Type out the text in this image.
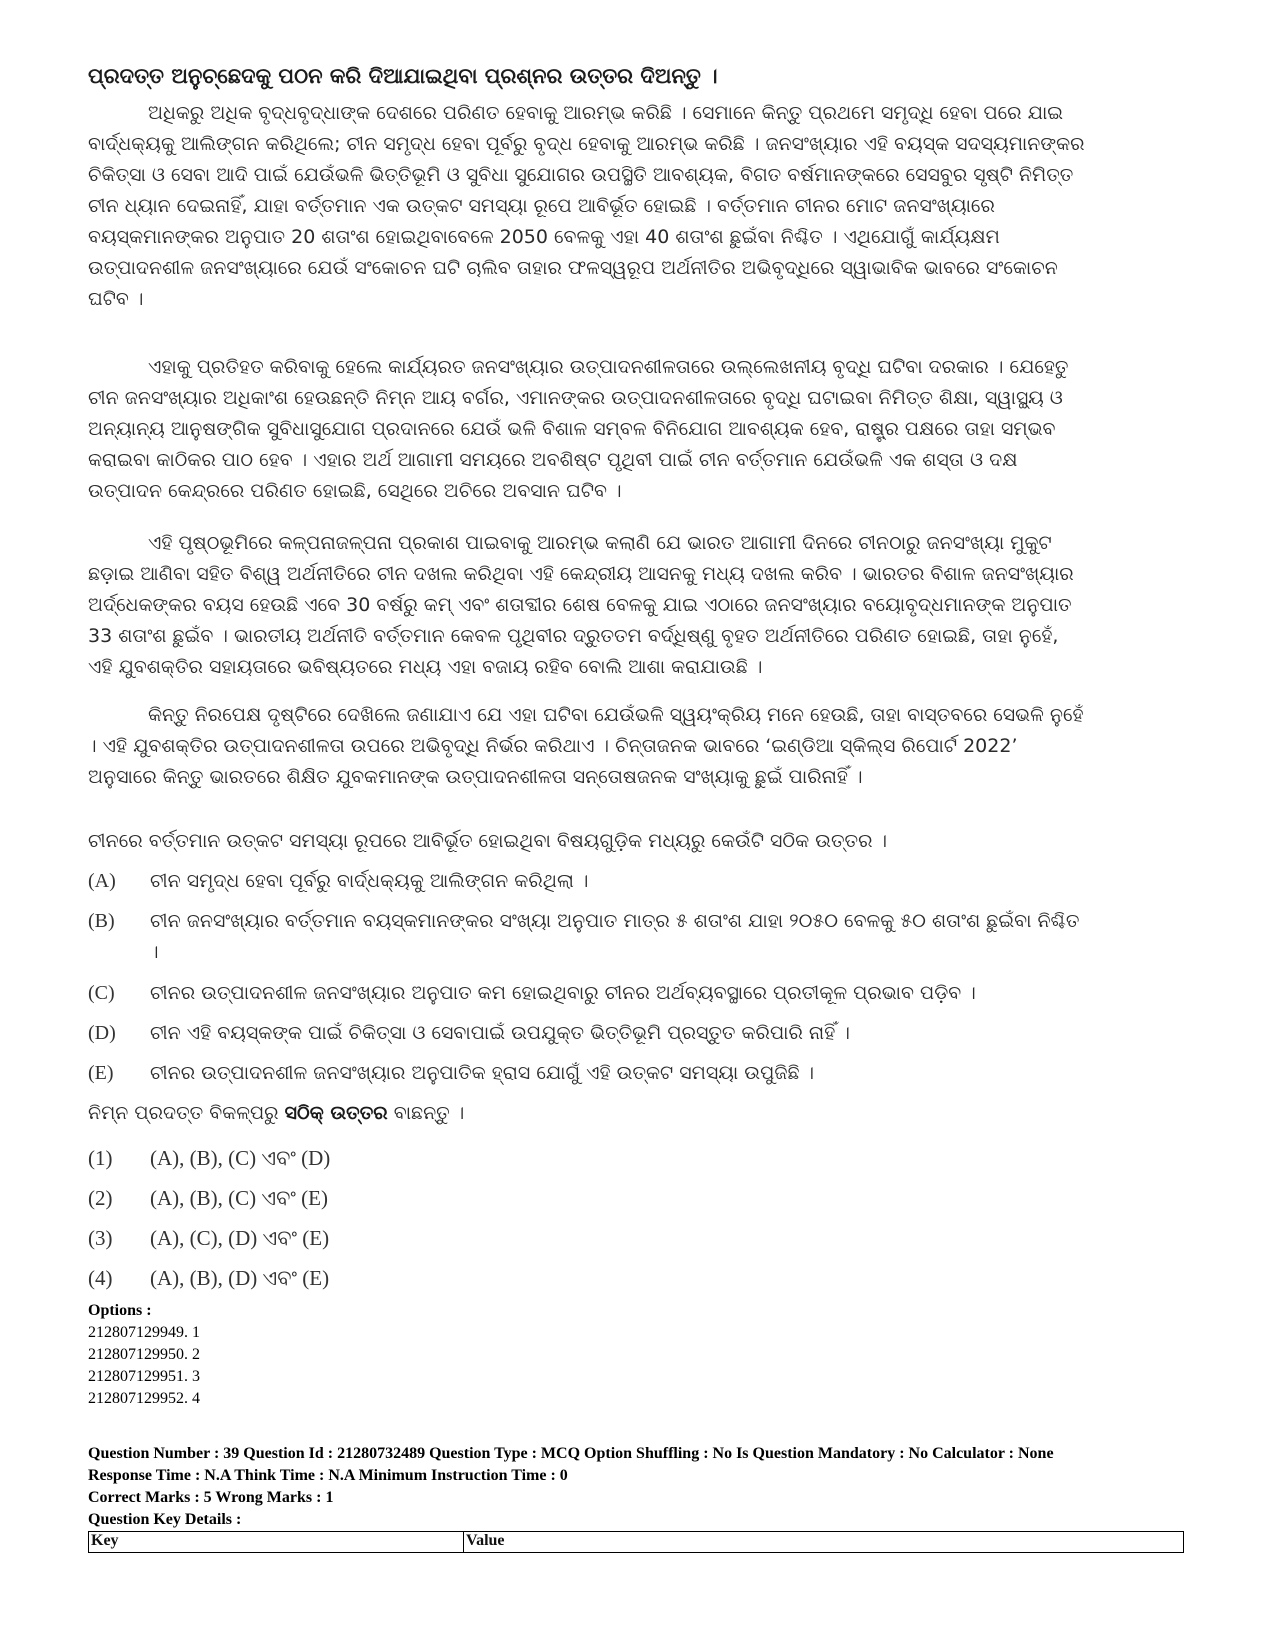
ପ୍ରଦତ୍ତ ଅନୁଚ୍ଛେଦକୁ ପଠନ କରି ଦିଆଯାଇଥିବା ପ୍ରଶ୍ନର ଉତ୍ତର ଦିଅନ୍ତୁ ।

ଅଧିକରୁ ଅଧିକ ବୃଦ୍ଧବୃଦ୍ଧାଙ୍କ ଦେଶରେ ପରିଣତ ହେବାକୁ ଆରମ୍ଭ କରିଛି । ସେମାନେ କିନ୍ତୁ ପ୍ରଥମେ ସମୃଦ୍ଧି ହେବା ପରେ ଯାଇ ବାର୍ଦ୍ଧକ୍ୟକୁ ଆଲିଙ୍ଗନ କରିଥିଲେ; ଚୀନ ସମୃଦ୍ଧ ହେବା ପୂର୍ବରୁ ବୃଦ୍ଧ ହେବାକୁ ଆରମ୍ଭ କରିଛି । ଜନସଂଖ୍ୟାର ଏହି ବୟସ୍କ ସଦସ୍ୟମାନଙ୍କର ଚିକିତ୍ସା ଓ ସେବା ଆଦି ପାଇଁ ଯେଉଁଭଳି ଭିତ୍ତିଭୂମି ଓ ସୁବିଧା ସୁଯୋଗର ଉପସ୍ଥିତି ଆବଶ୍ୟକ, ବିଗତ ବର୍ଷମାନଙ୍କରେ ସେସବୁର ସୃଷ୍ଟି ନିମିତ୍ତ ଚୀନ ଧ୍ୟାନ ଦେଇନାହିଁ, ଯାହା ବର୍ତ୍ତମାନ ଏକ ଉତ୍କଟ ସମସ୍ୟା ରୂପେ ଆବିର୍ଭୂତ ହୋଇଛି । ବର୍ତ୍ତମାନ ଚୀନର ମୋଟ ଜନସଂଖ୍ୟାରେ ବୟସ୍କମାନଙ୍କର ଅନୁପାତ 20 ଶତାଂଶ ହୋଇଥିବାବେଳେ 2050 ବେଳକୁ ଏହା 40 ଶତାଂଶ ଛୁଇଁବା ନିଶ୍ଚିତ । ଏଥିଯୋଗୁଁ କାର୍ଯ୍ୟକ୍ଷମ ଉତ୍ପାଦନଶୀଳ ଜନସଂଖ୍ୟାରେ ଯେଉଁ ସଂକୋଚନ ଘଟି ଚାଲିବ ତାହାର ଫଳସ୍ୱରୂପ ଅର୍ଥନୀତିର ଅଭିବୃଦ୍ଧିରେ ସ୍ୱାଭାବିକ ଭାବରେ ସଂକୋଚନ ଘଟିବ ।

ଏହାକୁ ପ୍ରତିହତ କରିବାକୁ ହେଲେ କାର୍ଯ୍ୟରତ ଜନସଂଖ୍ୟାର ଉତ୍ପାଦନଶୀଳତାରେ ଉଲ୍ଲେଖନୀୟ ବୃଦ୍ଧି ଘଟିବା ଦରକାର । ଯେହେତୁ ଚୀନ ଜନସଂଖ୍ୟାର ଅଧିକାଂଶ ହେଉଛନ୍ତି ନିମ୍ନ ଆୟ ବର୍ଗର, ଏମାନଙ୍କର ଉତ୍ପାଦନଶୀଳତାରେ ବୃଦ୍ଧି ଘଟାଇବା ନିମିତ୍ତ ଶିକ୍ଷା, ସ୍ୱାସ୍ଥ୍ୟ ଓ ଅନ୍ୟାନ୍ୟ ଆନୁଷଙ୍ଗିକ ସୁବିଧାସୁଯୋଗ ପ୍ରଦାନରେ ଯେଉଁ ଭଳି ବିଶାଳ ସମ୍ବଳ ବିନିଯୋଗ ଆବଶ୍ୟକ ହେବ, ରାଷ୍ଟ୍ର ପକ୍ଷରେ ତାହା ସମ୍ଭବ କରାଇବା କାଠିକର ପାଠ ହେବ । ଏହାର ଅର୍ଥ ଆଗାମୀ ସମୟରେ ଅବଶିଷ୍ଟ ପୃଥିବୀ ପାଇଁ ଚୀନ ବର୍ତ୍ତମାନ ଯେଉଁଭଳି ଏକ ଶସ୍ତା ଓ ଦକ୍ଷ ଉତ୍ପାଦନ କେନ୍ଦ୍ରରେ ପରିଣତ ହୋଇଛି, ସେଥିରେ ଅଚିରେ ଅବସାନ ଘଟିବ ।

ଏହି ପୃଷ୍ଠଭୂମିରେ କଳ୍ପନାଜଳ୍ପନା ପ୍ରକାଶ ପାଇବାକୁ ଆରମ୍ଭ କଲାଣି ଯେ ଭାରତ ଆଗାମୀ ଦିନରେ ଚୀନଠାରୁ ଜନସଂଖ୍ୟା ମୁକୁଟ ଛଡ଼ାଇ ଆଣିବା ସହିତ ବିଶ୍ୱ ଅର୍ଥନୀତିରେ ଚୀନ ଦଖଲ କରିଥିବା ଏହି କେନ୍ଦ୍ରୀୟ ଆସନକୁ ମଧ୍ୟ ଦଖଲ କରିବ । ଭାରତର ବିଶାଳ ଜନସଂଖ୍ୟାର ଅର୍ଦ୍ଧେକଙ୍କର ବୟସ ହେଉଛି ଏବେ 30 ବର୍ଷରୁ କମ୍ ଏବଂ ଶତାବ୍ଦୀର ଶେଷ ବେଳକୁ ଯାଇ ଏଠାରେ ଜନସଂଖ୍ୟାର ବୟୋବୃଦ୍ଧମାନଙ୍କ ଅନୁପାତ 33 ଶତାଂଶ ଛୁଇଁବ । ଭାରତୀୟ ଅର୍ଥନୀତି ବର୍ତ୍ତମାନ କେବଳ ପୃଥିବୀର ଦ୍ରୁତତମ ବର୍ଦ୍ଧିଷ୍ଣୁ ବୃହତ ଅର୍ଥନୀତିରେ ପରିଣତ ହୋଇଛି, ତାହା ନୁହେଁ, ଏହି ଯୁବଶକ୍ତିର ସହାୟତାରେ ଭବିଷ୍ୟତରେ ମଧ୍ୟ ଏହା ବଜାୟ ରହିବ ବୋଲି ଆଶା କରାଯାଉଛି ।

କିନ୍ତୁ ନିରପେକ୍ଷ ଦୃଷ୍ଟିରେ ଦେଖିଲେ ଜଣାଯାଏ ଯେ ଏହା ଘଟିବା ଯେଉଁଭଳି ସ୍ୱୟଂକ୍ରିୟ ମନେ ହେଉଛି, ତାହା ବାସ୍ତବରେ ସେଭଳି ନୁହେଁ । ଏହି ଯୁବଶକ୍ତିର ଉତ୍ପାଦନଶୀଳତା ଉପରେ ଅଭିବୃଦ୍ଧି ନିର୍ଭର କରିଥାଏ । ଚିନ୍ତାଜନକ ଭାବରେ ‘ଇଣ୍ଡିଆ ସ୍କିଲ୍‌ସ ରିପୋର୍ଟ 2022’ ଅନୁସାରେ କିନ୍ତୁ ଭାରତରେ ଶିକ୍ଷିତ ଯୁବକମାନଙ୍କ ଉତ୍ପାଦନଶୀଳତା ସନ୍ତୋଷଜନକ ସଂଖ୍ୟାକୁ ଛୁଇଁ ପାରିନାହିଁ ।

ଚୀନରେ ବର୍ତ୍ତମାନ ଉତ୍କଟ ସମସ୍ୟା ରୂପରେ ଆବିର୍ଭୂତ ହୋଇଥିବା ବିଷୟଗୁଡ଼ିକ ମଧ୍ୟରୁ କେଉଁଟି ସଠିକ ଉତ୍ତର ।

(A)	ଚୀନ ସମୃଦ୍ଧ ହେବା ପୂର୍ବରୁ ବାର୍ଦ୍ଧକ୍ୟକୁ ଆଲିଙ୍ଗନ କରିଥିଲା ।
(B)	ଚୀନ ଜନସଂଖ୍ୟାର ବର୍ତ୍ତମାନ ବୟସ୍କମାନଙ୍କର ସଂଖ୍ୟା ଅନୁପାତ ମାତ୍ର ୫ ଶତାଂଶ ଯାହା ୨୦୫୦ ବେଳକୁ ୫୦ ଶତାଂଶ ଛୁଇଁବା ନିଶ୍ଚିତ ।
(C)	ଚୀନର ଉତ୍ପାଦନଶୀଳ ଜନସଂଖ୍ୟାର ଅନୁପାତ କମ ହୋଇଥିବାରୁ ଚୀନର ଅର୍ଥବ୍ୟବସ୍ଥାରେ ପ୍ରତୀକୂଳ ପ୍ରଭାବ ପଡ଼ିବ ।
(D)	ଚୀନ ଏହି ବୟସ୍କଙ୍କ ପାଇଁ ଚିକିତ୍ସା ଓ ସେବାପାଇଁ ଉପଯୁକ୍ତ ଭିତ୍ତିଭୂମି ପ୍ରସ୍ତୁତ କରିପାରି ନାହିଁ ।
(E)	ଚୀନର ଉତ୍ପାଦନଶୀଳ ଜନସଂଖ୍ୟାର ଅନୁପାତିକ ହ୍ରାସ ଯୋଗୁଁ ଏହି ଉତ୍କଟ ସମସ୍ୟା ଉପୁଜିଛି ।
ନିମ୍ନ ପ୍ରଦତ୍ତ ବିକଳ୍ପରୁ ସଠିକ୍ ଉତ୍ତର ବାଛନ୍ତୁ ।
(1)	(A), (B), (C) ଏବଂ (D)
(2)	(A), (B), (C) ଏବଂ (E)
(3)	(A), (C), (D) ଏବଂ (E)
(4)	(A), (B), (D) ଏବଂ (E)
Options :
212807129949. 1
212807129950. 2
212807129951. 3
212807129952. 4
Question Number : 39 Question Id : 21280732489 Question Type : MCQ Option Shuffling : No Is Question Mandatory : No Calculator : None
Response Time : N.A Think Time : N.A Minimum Instruction Time : 0
Correct Marks : 5 Wrong Marks : 1
Question Key Details :
Key	Value
